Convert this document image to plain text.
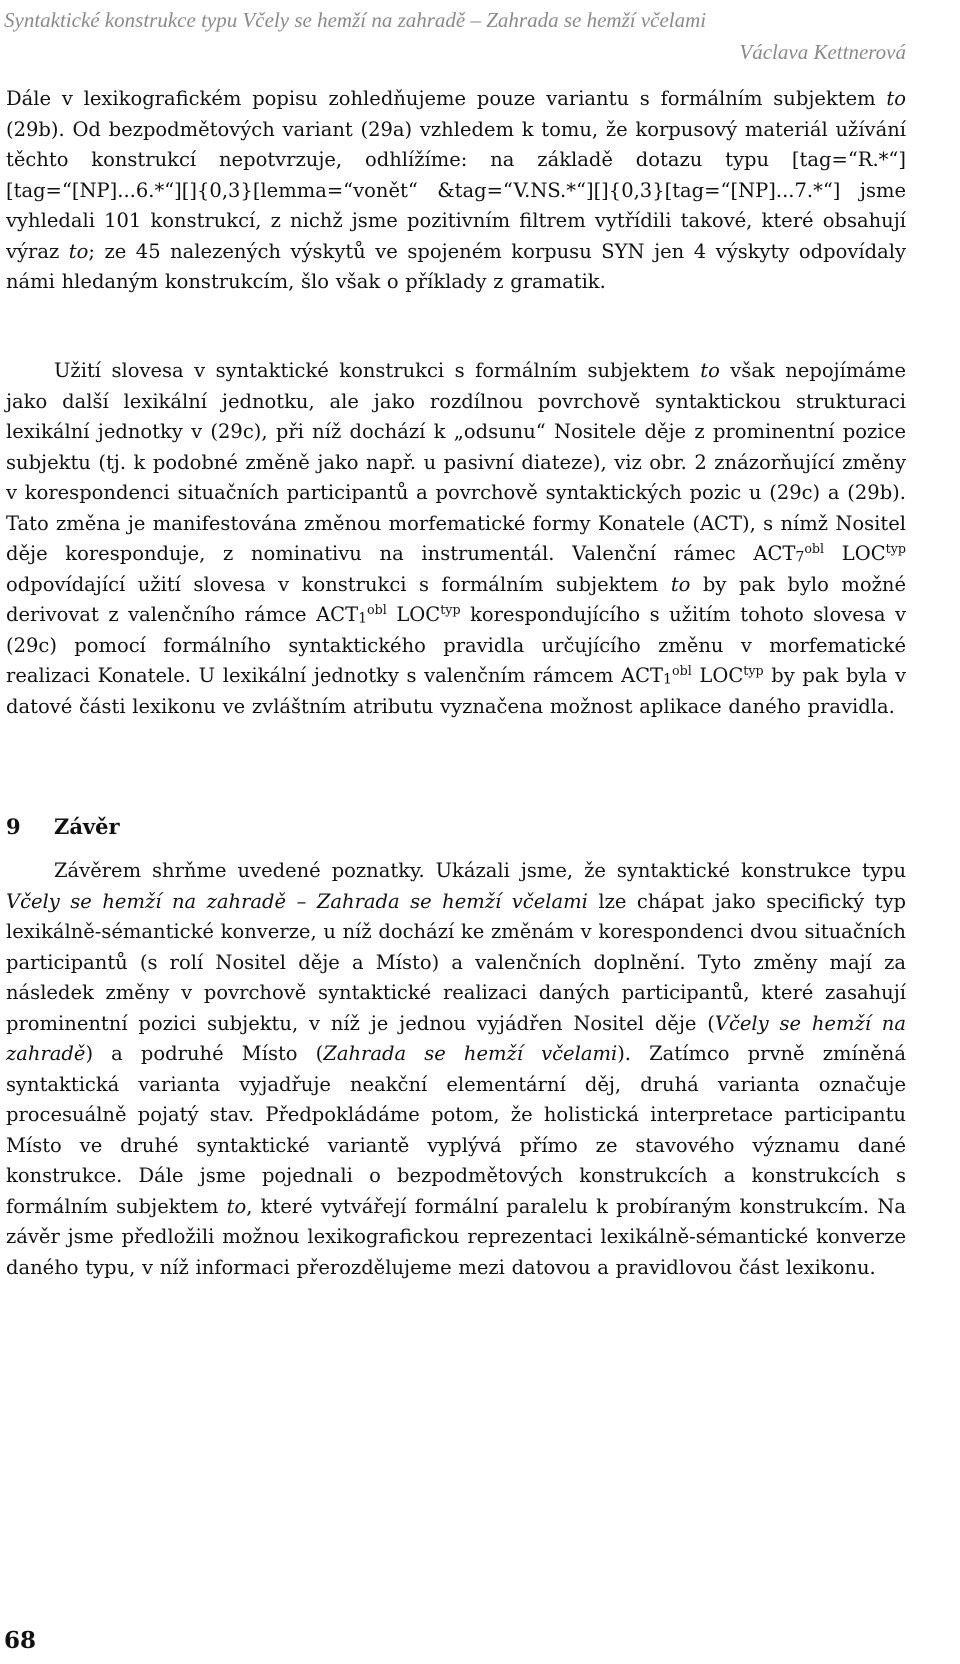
Syntaktické konstrukce typu Včely se hemží na zahradě – Zahrada se hemží včelami
Václava Kettnerová
Dále v lexikografickém popisu zohledňujeme pouze variantu s formálním subjektem to (29b). Od bezpodmětových variant (29a) vzhledem k tomu, že korpusový materiál užívání těchto konstrukcí nepotvrzuje, odhlížíme: na základě dotazu typu [tag=“R.*“][tag=“[NP]...6.*“][]{0,3}[lemma=“vonět“ &tag=“V.NS.*“][]{0,3}[tag=“[NP]...7.*“] jsme vyhledali 101 konstrukcí, z nichž jsme pozitivním filtrem vytřídili takové, které obsahují výraz to; ze 45 nalezených výskytů ve spojeném korpusu SYN jen 4 výskyty odpovídaly námi hledaným konstrukcím, šlo však o příklady z gramatik.
Užití slovesa v syntaktické konstrukci s formálním subjektem to však nepojímáme jako další lexikální jednotku, ale jako rozdílnou povrchově syntaktickou strukturaci lexikální jednotky v (29c), při níž dochází k „odsunu“ Nositele děje z prominentní pozice subjektu (tj. k podobné změně jako např. u pasivní diateze), viz obr. 2 znázorňující změny v korespondenci situačních participantů a povrchově syntaktických pozic u (29c) a (29b). Tato změna je manifestována změnou morfematické formy Konatele (ACT), s nímž Nositel děje koresponduje, z nominativu na instrumentál. Valenční rámec $ACT_7^{obl}$ $LOC^{typ}$ odpovídající užití slovesa v konstrukci s formálním subjektem to by pak bylo možné derivovat z valenčního rámce $ACT_1^{obl}$ $LOC^{typ}$ korespondujícího s užitím tohoto slovesa v (29c) pomocí formálního syntaktického pravidla určujícího změnu v morfematické realizaci Konatele. U lexikální jednotky s valenčním rámcem $ACT_1^{obl}$ $LOC^{typ}$ by pak byla v datové části lexikonu ve zvláštním atributu vyznačena možnost aplikace daného pravidla.
9 Závěr
Závěrem shrňme uvedené poznatky. Ukázali jsme, že syntaktické konstrukce typu Včely se hemží na zahradě – Zahrada se hemží včelami lze chápat jako specifický typ lexikálně-sémantické konverze, u níž dochází ke změnám v korespondenci dvou situačních participantů (s rolí Nositel děje a Místo) a valenčních doplnění. Tyto změny mají za následek změny v povrchově syntaktické realizaci daných participantů, které zasahují prominentní pozici subjektu, v níž je jednou vyjádřen Nositel děje (Včely se hemží na zahradě) a podruhé Místo (Zahrada se hemží včelami). Zatímco prvně zmíněná syntaktická varianta vyjadřuje neakční elementární děj, druhá varianta označuje procesuálně pojatý stav. Předpokládáme potom, že holistická interpretace participantu Místo ve druhé syntaktické variantě vyplývá přímo ze stavového významu dané konstrukce. Dále jsme pojednali o bezpodmětových konstrukcích a konstrukcích s formálním subjektem to, které vytvářejí formální paralelu k probíraným konstrukcím. Na závěr jsme předložili možnou lexikografickou reprezentaci lexikálně-sémantické konverze daného typu, v níž informaci přerozdělujeme mezi datovou a pravidlovou část lexikonu.
68
